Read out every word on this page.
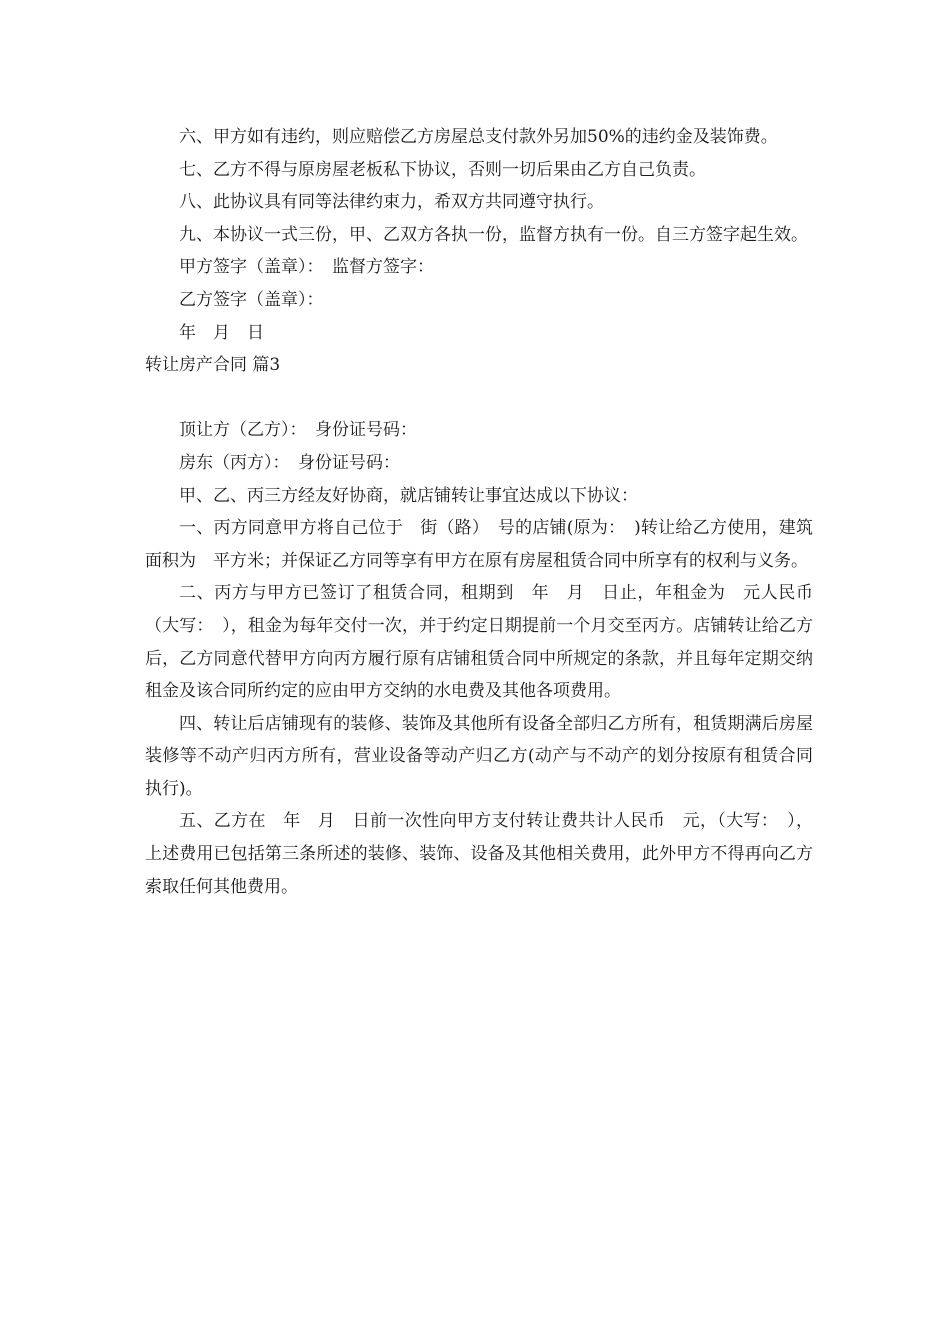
六、甲方如有违约，则应赔偿乙方房屋总支付款外另加50%的违约金及装饰费。

七、乙方不得与原房屋老板私下协议，否则一切后果由乙方自己负责。

八、此协议具有同等法律约束力，希双方共同遵守执行。

九、本协议一式三份，甲、乙双方各执一份，监督方执有一份。自三方签字起生效。

甲方签字（盖章）：　监督方签字：

乙方签字（盖章）：

年　月　日

转让房产合同 篇3

顶让方（乙方）：　身份证号码：

房东（丙方）：　身份证号码：

甲、乙、丙三方经友好协商，就店铺转让事宜达成以下协议：

一、丙方同意甲方将自己位于　街（路）　号的店铺(原为：　)转让给乙方使用，建筑面积为　平方米；并保证乙方同等享有甲方在原有房屋租赁合同中所享有的权利与义务。

二、丙方与甲方已签订了租赁合同，租期到　年　月　日止，年租金为　元人民币（大写：　），租金为每年交付一次，并于约定日期提前一个月交至丙方。店铺转让给乙方后，乙方同意代替甲方向丙方履行原有店铺租赁合同中所规定的条款，并且每年定期交纳租金及该合同所约定的应由甲方交纳的水电费及其他各项费用。

四、转让后店铺现有的装修、装饰及其他所有设备全部归乙方所有，租赁期满后房屋装修等不动产归丙方所有，营业设备等动产归乙方(动产与不动产的划分按原有租赁合同执行)。

五、乙方在　年　月　日前一次性向甲方支付转让费共计人民币　元，（大写：　），上述费用已包括第三条所述的装修、装饰、设备及其他相关费用，此外甲方不得再向乙方索取任何其他费用。
